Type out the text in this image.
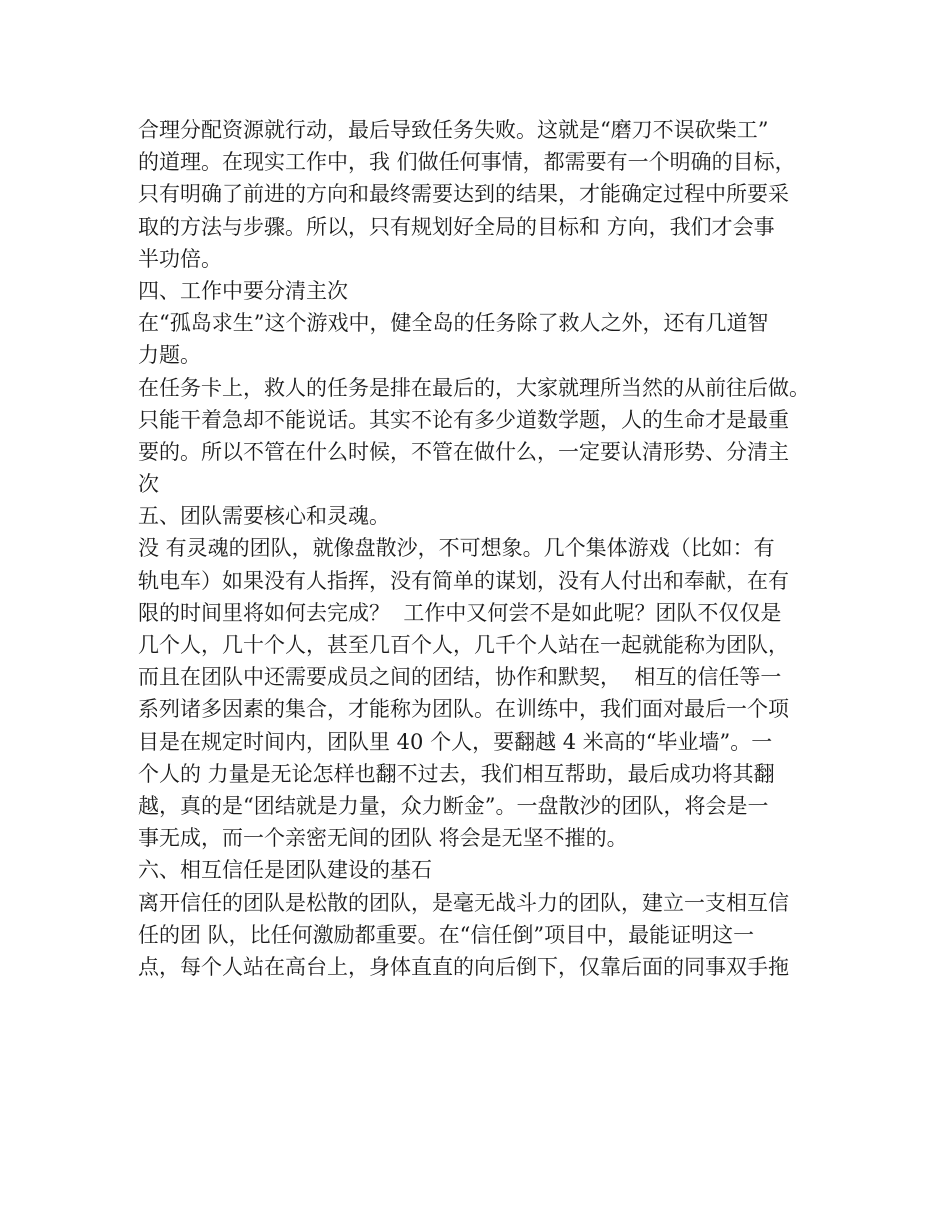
合理分配资源就行动，最后导致任务失败。这就是“磨刀不误砍柴工”
的道理。在现实工作中，我 们做任何事情，都需要有一个明确的目标，
只有明确了前进的方向和最终需要达到的结果，才能确定过程中所要采
取的方法与步骤。所以，只有规划好全局的目标和 方向，我们才会事
半功倍。
四、工作中要分清主次
在“孤岛求生”这个游戏中，健全岛的任务除了救人之外，还有几道智
力题。
在任务卡上，救人的任务是排在最后的，大家就理所当然的从前往后做。
只能干着急却不能说话。其实不论有多少道数学题，人的生命才是最重
要的。所以不管在什么时候，不管在做什么，一定要认清形势、分清主
次
五、团队需要核心和灵魂。
没 有灵魂的团队，就像盘散沙，不可想象。几个集体游戏（比如：有
轨电车）如果没有人指挥，没有简单的谋划，没有人付出和奉献，在有
限的时间里将如何去完成？  工作中又何尝不是如此呢？团队不仅仅是
几个人，几十个人，甚至几百个人，几千个人站在一起就能称为团队，
而且在团队中还需要成员之间的团结，协作和默契，  相互的信任等一
系列诸多因素的集合，才能称为团队。在训练中，我们面对最后一个项
目是在规定时间内，团队里 40 个人，要翻越 4 米高的“毕业墙”。一
个人的 力量是无论怎样也翻不过去，我们相互帮助，最后成功将其翻
越，真的是“团结就是力量，众力断金”。一盘散沙的团队，将会是一
事无成，而一个亲密无间的团队 将会是无坚不摧的。
六、相互信任是团队建设的基石
离开信任的团队是松散的团队，是毫无战斗力的团队，建立一支相互信
任的团 队，比任何激励都重要。在“信任倒”项目中，最能证明这一
点，每个人站在高台上，身体直直的向后倒下，仅靠后面的同事双手拖
